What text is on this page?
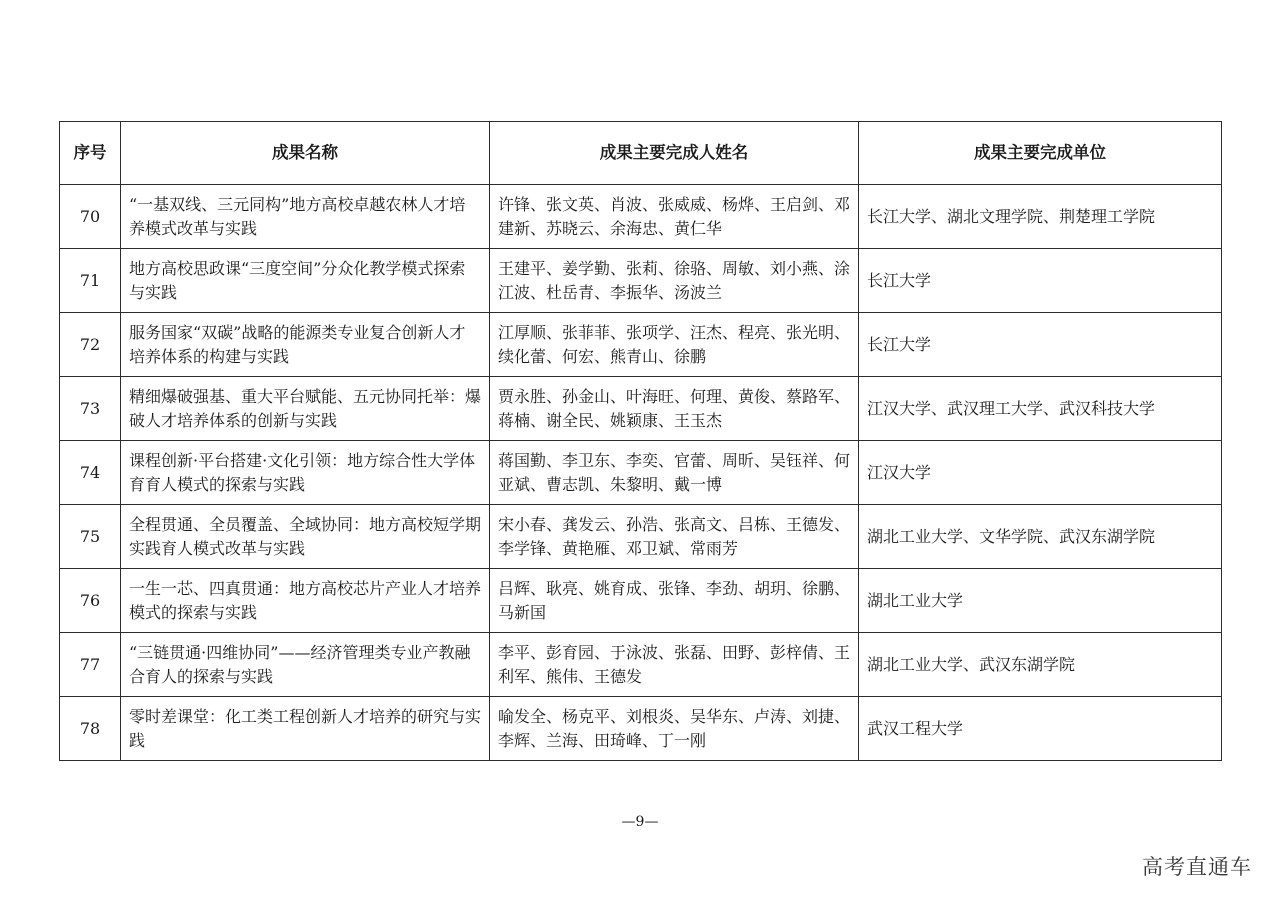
序号	成果名称	成果主要完成人姓名	成果主要完成单位
70	“一基双线、三元同构”地方高校卓越农林人才培养模式改革与实践	许锋、张文英、肖波、张威威、杨烨、王启剑、邓建新、苏晓云、余海忠、黄仁华	长江大学、湖北文理学院、荆楚理工学院
71	地方高校思政课“三度空间”分众化教学模式探索与实践	王建平、姜学勤、张莉、徐骆、周敏、刘小燕、涂江波、杜岳青、李振华、汤波兰	长江大学
72	服务国家“双碳”战略的能源类专业复合创新人才培养体系的构建与实践	江厚顺、张菲菲、张项学、汪杰、程亮、张光明、续化蕾、何宏、熊青山、徐鹏	长江大学
73	精细爆破强基、重大平台赋能、五元协同托举：爆破人才培养体系的创新与实践	贾永胜、孙金山、叶海旺、何理、黄俊、蔡路军、蒋楠、谢全民、姚颖康、王玉杰	江汉大学、武汉理工大学、武汉科技大学
74	课程创新·平台搭建·文化引领：地方综合性大学体育育人模式的探索与实践	蒋国勤、李卫东、李奕、官蕾、周昕、吴钰祥、何亚斌、曹志凯、朱黎明、戴一博	江汉大学
75	全程贯通、全员覆盖、全域协同：地方高校短学期实践育人模式改革与实践	宋小春、龚发云、孙浩、张高文、吕栋、王德发、李学锋、黄艳雁、邓卫斌、常雨芳	湖北工业大学、文华学院、武汉东湖学院
76	一生一芯、四真贯通：地方高校芯片产业人才培养模式的探索与实践	吕辉、耿亮、姚育成、张锋、李劲、胡玥、徐鹏、马新国	湖北工业大学
77	“三链贯通·四维协同”——经济管理类专业产教融合育人的探索与实践	李平、彭育园、于泳波、张磊、田野、彭梓倩、王利军、熊伟、王德发	湖北工业大学、武汉东湖学院
78	零时差课堂：化工类工程创新人才培养的研究与实践	喻发全、杨克平、刘根炎、吴华东、卢涛、刘捷、李辉、兰海、田琦峰、丁一刚	武汉工程大学
—9—
高考直通车
